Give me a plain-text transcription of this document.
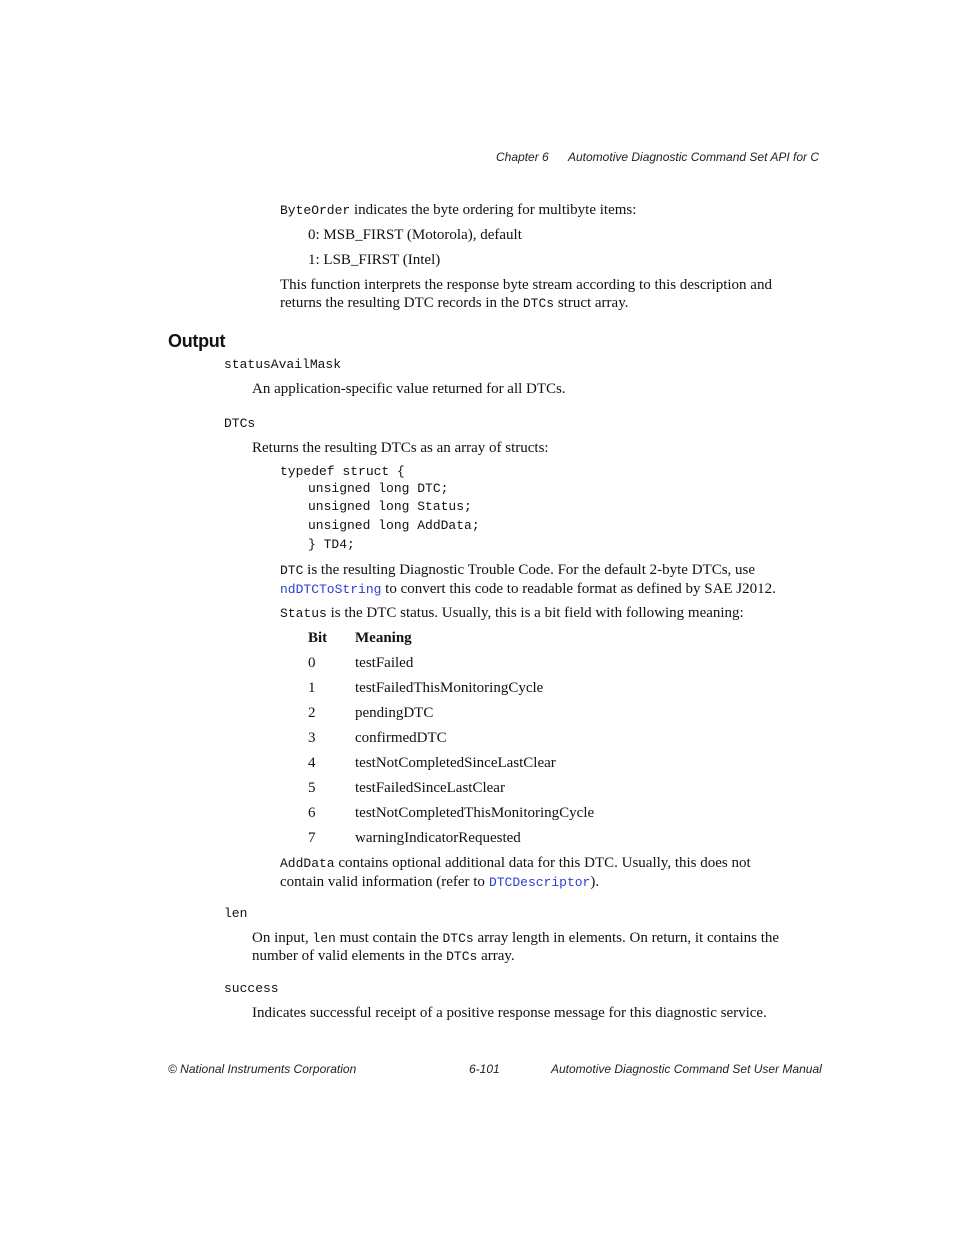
Chapter 6 Automotive Diagnostic Command Set API for C
ByteOrder indicates the byte ordering for multibyte items:
0: MSB_FIRST (Motorola), default
1: LSB_FIRST (Intel)
This function interprets the response byte stream according to this description and
returns the resulting DTC records in the DTCs struct array.
Output
statusAvailMask
An application-specific value returned for all DTCs.
DTCs
Returns the resulting DTCs as an array of structs:
typedef struct {
unsigned long DTC;
unsigned long Status;
unsigned long AddData;
} TD4;
DTC is the resulting Diagnostic Trouble Code. For the default 2-byte DTCs, use
ndDTCToString to convert this code to readable format as defined by SAE J2012.
Status is the DTC status. Usually, this is a bit field with following meaning:
Bit Meaning
0	testFailed
1	testFailedThisMonitoringCycle
2	pendingDTC
3	confirmedDTC
4	testNotCompletedSinceLastClear
5	testFailedSinceLastClear
6	testNotCompletedThisMonitoringCycle
7	warningIndicatorRequested
AddData contains optional additional data for this DTC. Usually, this does not
contain valid information (refer to DTCDescriptor).
len
On input, len must contain the DTCs array length in elements. On return, it contains the
number of valid elements in the DTCs array.
success
Indicates successful receipt of a positive response message for this diagnostic service.
© National Instruments Corporation	6-101	Automotive Diagnostic Command Set User Manual
